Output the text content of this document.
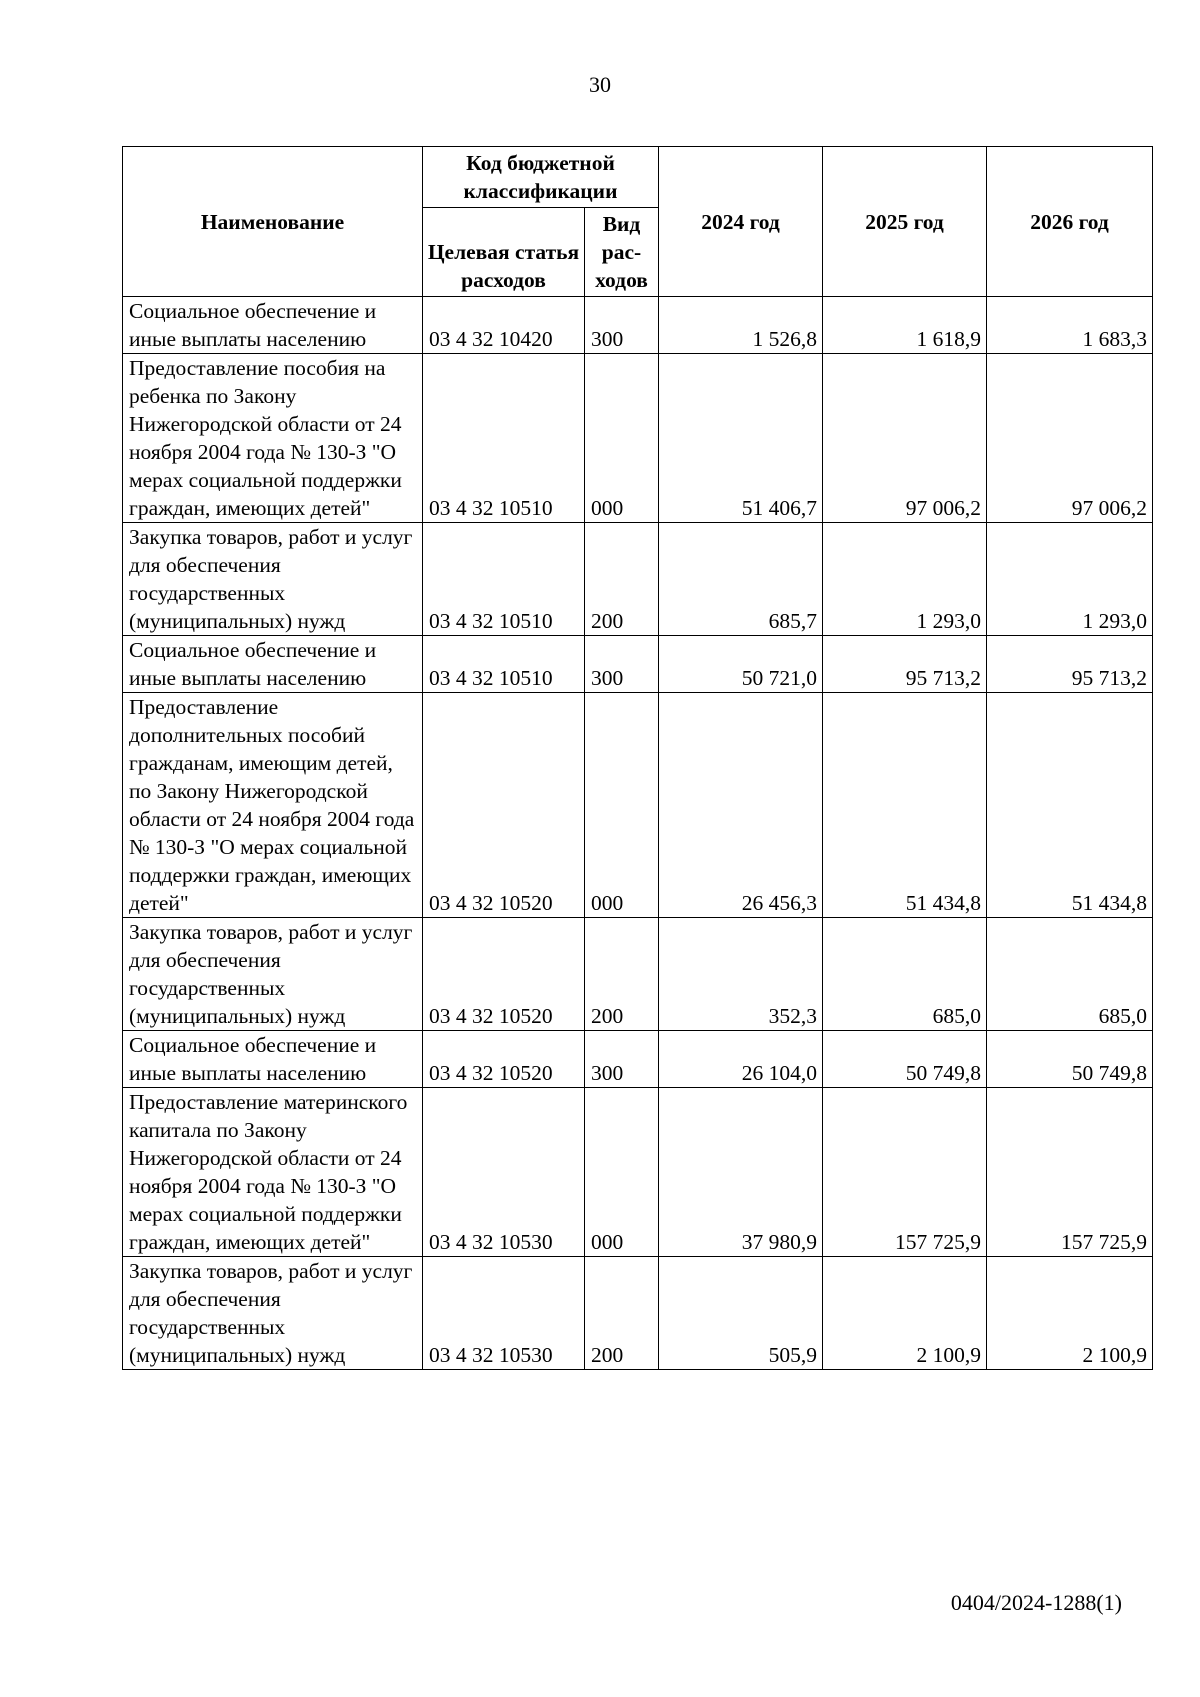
30
Наименование	Код бюджетной классификации		2024 год	2025 год	2026 год
	Целевая статья расходов	Вид рас-ходов			
Социальное обеспечение и иные выплаты населению	03 4 32 10420	300	1 526,8	1 618,9	1 683,3
Предоставление пособия на ребенка по Закону Нижегородской области от 24 ноября 2004 года № 130-З "О мерах социальной поддержки граждан, имеющих детей"	03 4 32 10510	000	51 406,7	97 006,2	97 006,2
Закупка товаров, работ и услуг для обеспечения государственных (муниципальных) нужд	03 4 32 10510	200	685,7	1 293,0	1 293,0
Социальное обеспечение и иные выплаты населению	03 4 32 10510	300	50 721,0	95 713,2	95 713,2
Предоставление дополнительных пособий гражданам, имеющим детей, по Закону Нижегородской области от 24 ноября 2004 года № 130-З "О мерах социальной поддержки граждан, имеющих детей"	03 4 32 10520	000	26 456,3	51 434,8	51 434,8
Закупка товаров, работ и услуг для обеспечения государственных (муниципальных) нужд	03 4 32 10520	200	352,3	685,0	685,0
Социальное обеспечение и иные выплаты населению	03 4 32 10520	300	26 104,0	50 749,8	50 749,8
Предоставление материнского капитала по Закону Нижегородской области от 24 ноября 2004 года № 130-З "О мерах социальной поддержки граждан, имеющих детей"	03 4 32 10530	000	37 980,9	157 725,9	157 725,9
Закупка товаров, работ и услуг для обеспечения государственных (муниципальных) нужд	03 4 32 10530	200	505,9	2 100,9	2 100,9
0404/2024-1288(1)
